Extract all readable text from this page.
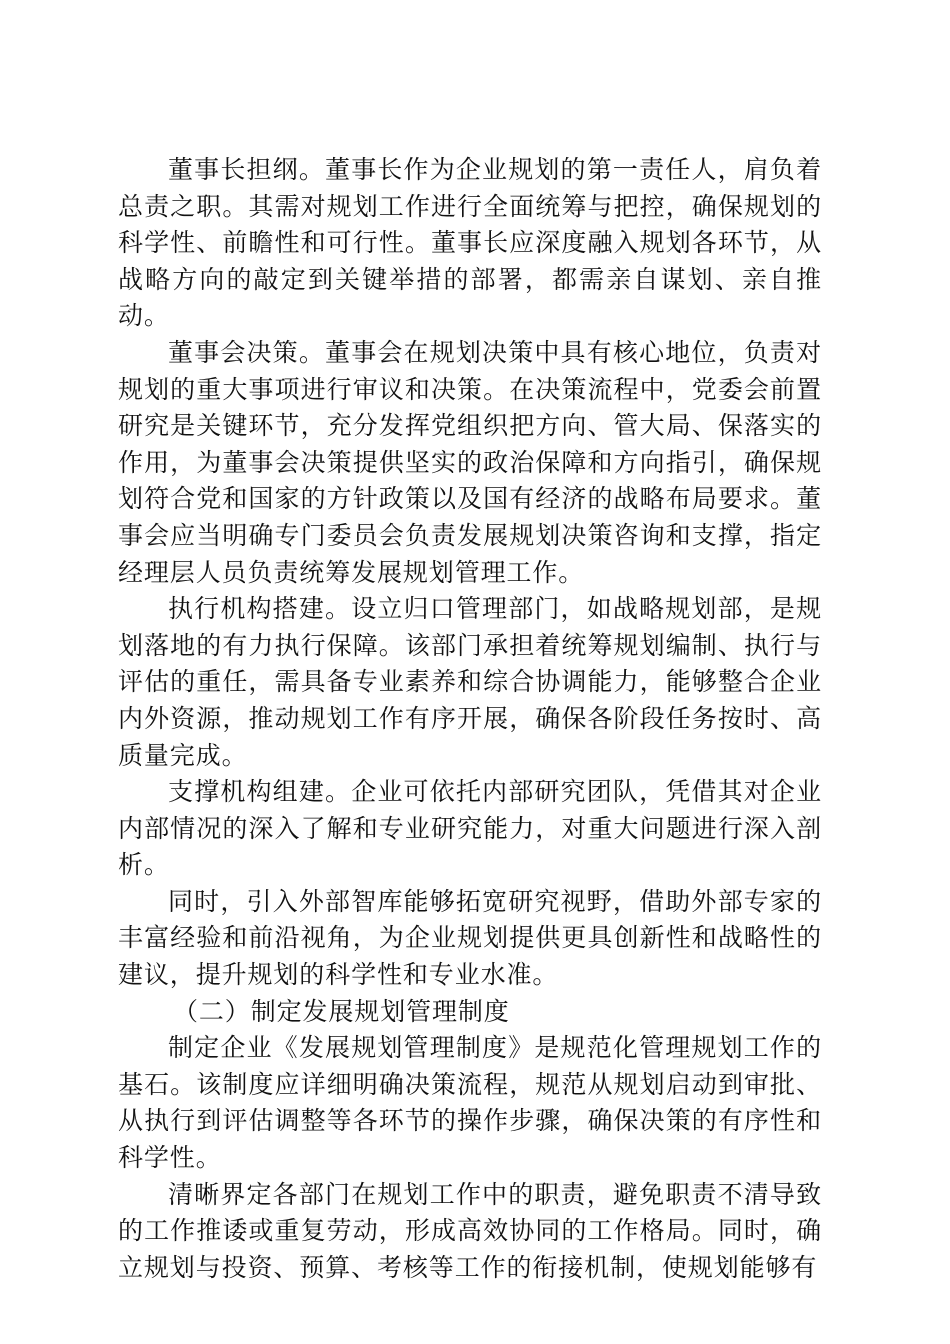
董事长担纲。董事长作为企业规划的第一责任人，肩负着总责之职。其需对规划工作进行全面统筹与把控，确保规划的科学性、前瞻性和可行性。董事长应深度融入规划各环节，从战略方向的敲定到关键举措的部署，都需亲自谋划、亲自推动。

董事会决策。董事会在规划决策中具有核心地位，负责对规划的重大事项进行审议和决策。在决策流程中，党委会前置研究是关键环节，充分发挥党组织把方向、管大局、保落实的作用，为董事会决策提供坚实的政治保障和方向指引，确保规划符合党和国家的方针政策以及国有经济的战略布局要求。董事会应当明确专门委员会负责发展规划决策咨询和支撑，指定经理层人员负责统筹发展规划管理工作。

执行机构搭建。设立归口管理部门，如战略规划部，是规划落地的有力执行保障。该部门承担着统筹规划编制、执行与评估的重任，需具备专业素养和综合协调能力，能够整合企业内外资源，推动规划工作有序开展，确保各阶段任务按时、高质量完成。

支撑机构组建。企业可依托内部研究团队，凭借其对企业内部情况的深入了解和专业研究能力，对重大问题进行深入剖析。

同时，引入外部智库能够拓宽研究视野，借助外部专家的丰富经验和前沿视角，为企业规划提供更具创新性和战略性的建议，提升规划的科学性和专业水准。

（二）制定发展规划管理制度

制定企业《发展规划管理制度》是规范化管理规划工作的基石。该制度应详细明确决策流程，规范从规划启动到审批、从执行到评估调整等各环节的操作步骤，确保决策的有序性和科学性。

清晰界定各部门在规划工作中的职责，避免职责不清导致的工作推诿或重复劳动，形成高效协同的工作格局。同时，确立规划与投资、预算、考核等工作的衔接机制，使规划能够有
